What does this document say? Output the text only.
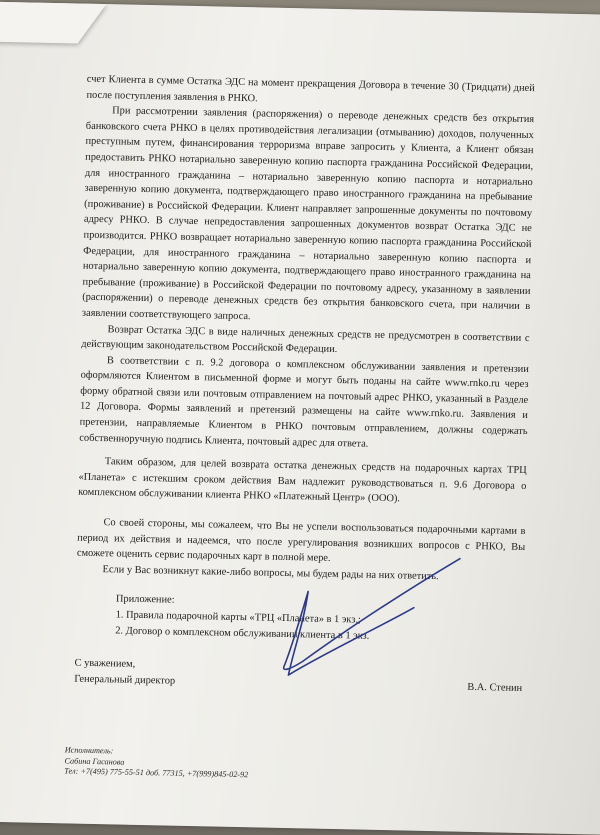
счет Клиента в сумме Остатка ЭДС на момент прекращения Договора в течение 30 (Тридцати) дней после поступления заявления в РНКО.

При рассмотрении заявления (распоряжения) о переводе денежных средств без открытия банковского счета РНКО в целях противодействия легализации (отмыванию) доходов, полученных преступным путем, финансирования терроризма вправе запросить у Клиента, а Клиент обязан предоставить РНКО нотариально заверенную копию паспорта гражданина Российской Федерации, для иностранного гражданина – нотариально заверенную копию паспорта и нотариально заверенную копию документа, подтверждающего право иностранного гражданина на пребывание (проживание) в Российской Федерации. Клиент направляет запрошенные документы по почтовому адресу РНКО. В случае непредоставления запрошенных документов возврат Остатка ЭДС не производится. РНКО возвращает нотариально заверенную копию паспорта гражданина Российской Федерации, для иностранного гражданина – нотариально заверенную копию паспорта и нотариально заверенную копию документа, подтверждающего право иностранного гражданина на пребывание (проживание) в Российской Федерации по почтовому адресу, указанному в заявлении (распоряжении) о переводе денежных средств без открытия банковского счета, при наличии в заявлении соответствующего запроса.

Возврат Остатка ЭДС в виде наличных денежных средств не предусмотрен в соответствии с действующим законодательством Российской Федерации.

В соответствии с п. 9.2 договора о комплексном обслуживании заявления и претензии оформляются Клиентом в письменной форме и могут быть поданы на сайте www.rnko.ru через форму обратной связи или почтовым отправлением на почтовый адрес РНКО, указанный в Разделе 12 Договора. Формы заявлений и претензий размещены на сайте www.rnko.ru. Заявления и претензии, направляемые Клиентом в РНКО почтовым отправлением, должны содержать собственноручную подпись Клиента, почтовый адрес для ответа.

Таким образом, для целей возврата остатка денежных средств на подарочных картах ТРЦ «Планета» с истекшим сроком действия Вам надлежит руководствоваться п. 9.6 Договора о комплексном обслуживании клиента РНКО «Платежный Центр» (ООО).

Со своей стороны, мы сожалеем, что Вы не успели воспользоваться подарочными картами в период их действия и надеемся, что после урегулирования возникших вопросов с РНКО, Вы сможете оценить сервис подарочных карт в полной мере.

Если у Вас возникнут какие-либо вопросы, мы будем рады на них ответить.

Приложение:

1. Правила подарочной карты «ТРЦ «Планета» в 1 экз.;

2. Договор о комплексном обслуживании клиента в 1 экз.

С уважением,

Генеральный директор

В.А. Стенин

Исполнитель:
Сабина Гасанова
Тел: +7(495) 775-55-51 доб. 77315, +7(999)845-02-92
